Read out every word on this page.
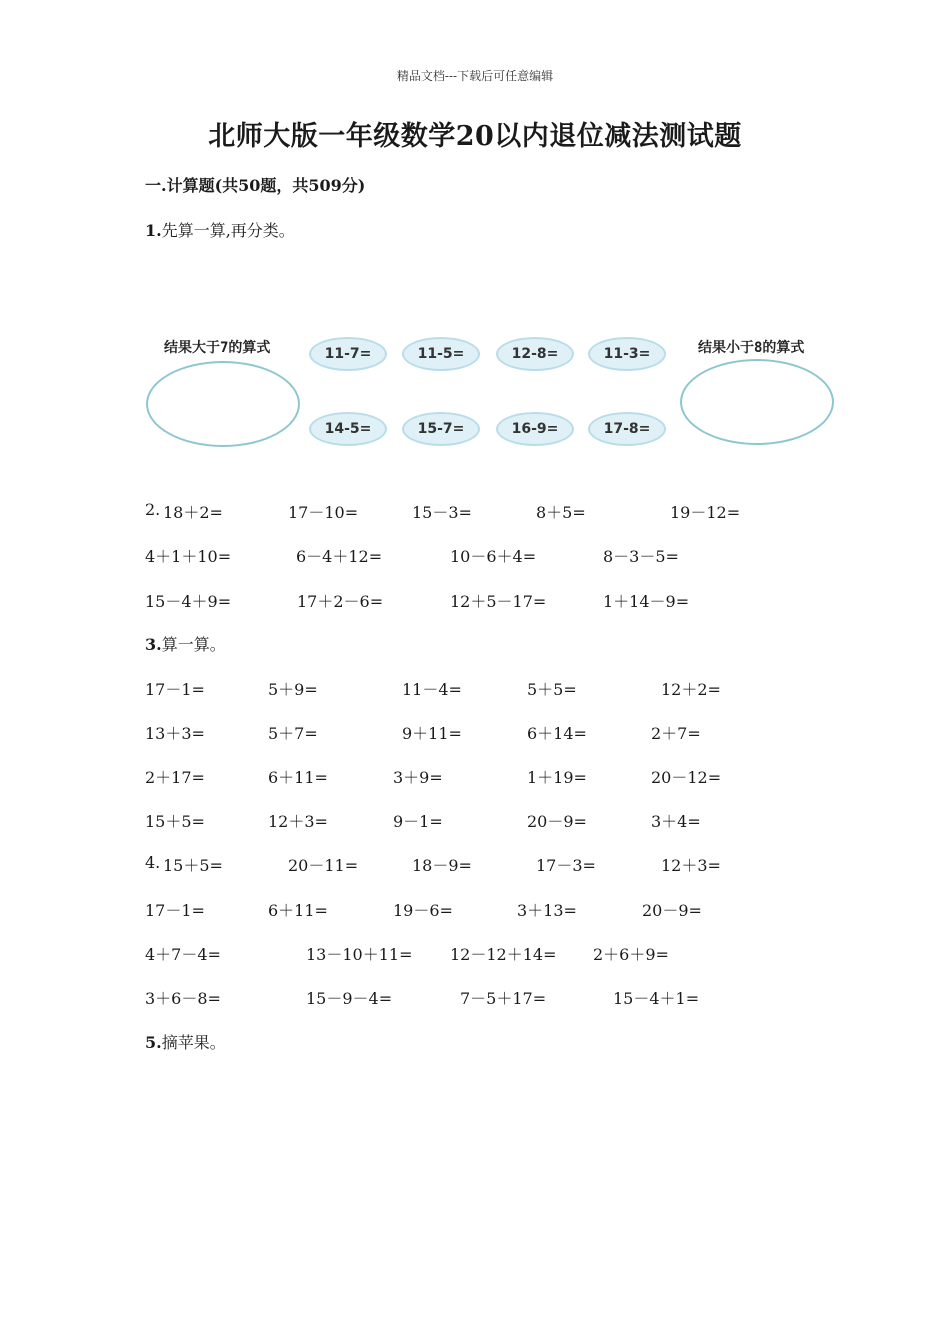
精品文档---下载后可任意编辑
北师大版一年级数学20以内退位减法测试题
一.计算题(共50题，共509分)
1.先算一算,再分类。
结果大于7的算式	11-7=	11-5=	12-8=	11-3=
14-5=	15-7=	16-9=	17-8=
结果小于8的算式
2. 18＋2=	17－10=	15－3=	8＋5=	19－12=
4＋1＋10=	6－4＋12=	10－6＋4=	8－3－5=
15－4＋9=	17＋2－6=	12＋5－17=	1＋14－9=
3.算一算。
17－1=	5＋9=	11－4=	5＋5=	12＋2=
13＋3=	5＋7=	9＋11=	6＋14=	2＋7=
2＋17=	6＋11=	3＋9=	1＋19=	20－12=
15＋5=	12＋3=	9－1=	20－9=	3＋4=
4. 15＋5=	20－11=	18－9=	17－3=	12＋3=
17－1=	6＋11=	19－6=	3＋13=	20－9=
4＋7－4=	13－10＋11= 12－12＋14= 2＋6＋9=
3＋6－8=	15－9－4=	7－5＋17=	15－4＋1=
5.摘苹果。
